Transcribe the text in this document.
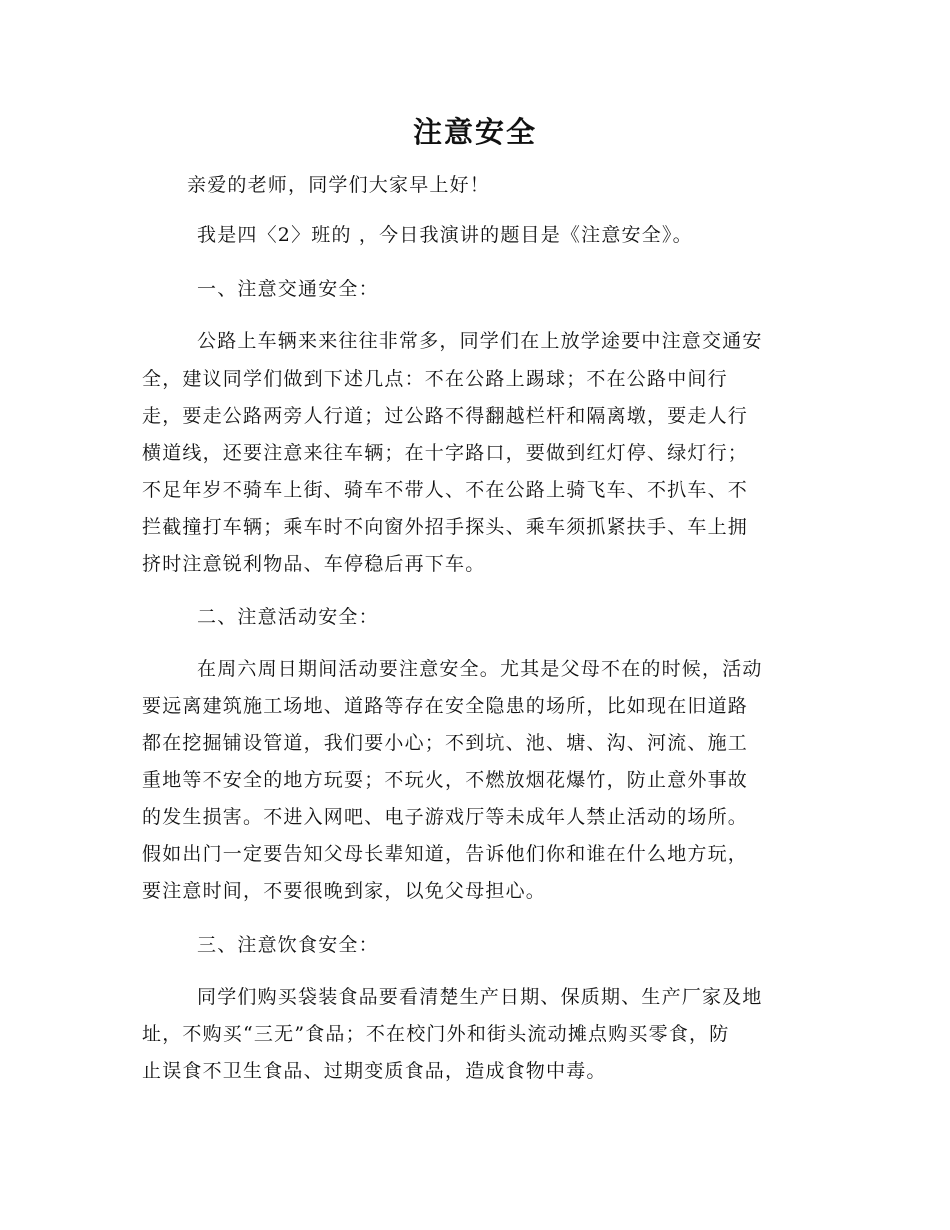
注意安全
亲爱的老师，同学们大家早上好！
我是四〈2〉班的 ，今日我演讲的题目是《注意安全》。
一、注意交通安全：
公路上车辆来来往往非常多，同学们在上放学途要中注意交通安
全，建议同学们做到下述几点：不在公路上踢球；不在公路中间行
走，要走公路两旁人行道；过公路不得翻越栏杆和隔离墩，要走人行
横道线，还要注意来往车辆；在十字路口，要做到红灯停、绿灯行；
不足年岁不骑车上街、骑车不带人、不在公路上骑飞车、不扒车、不
拦截撞打车辆；乘车时不向窗外招手探头、乘车须抓紧扶手、车上拥
挤时注意锐利物品、车停稳后再下车。
二、注意活动安全：
在周六周日期间活动要注意安全。尤其是父母不在的时候，活动
要远离建筑施工场地、道路等存在安全隐患的场所，比如现在旧道路
都在挖掘铺设管道，我们要小心；不到坑、池、塘、沟、河流、施工
重地等不安全的地方玩耍；不玩火，不燃放烟花爆竹，防止意外事故
的发生损害。不进入网吧、电子游戏厅等未成年人禁止活动的场所。
假如出门一定要告知父母长辈知道，告诉他们你和谁在什么地方玩，
要注意时间，不要很晚到家，以免父母担心。
三、注意饮食安全：
同学们购买袋装食品要看清楚生产日期、保质期、生产厂家及地
址，不购买“三无”食品；不在校门外和街头流动摊点购买零食，防
止误食不卫生食品、过期变质食品，造成食物中毒。
